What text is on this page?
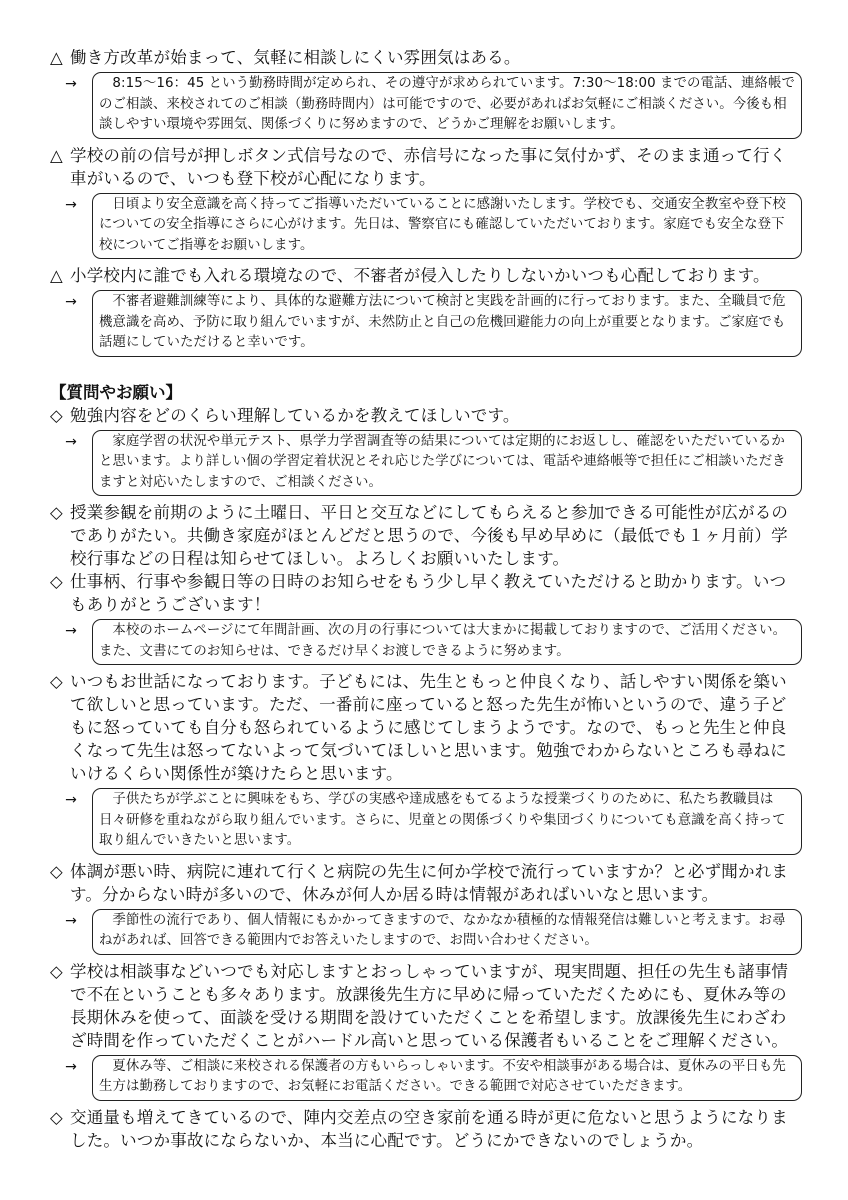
△ 働き方改革が始まって、気軽に相談しにくい雰囲気はある。

→	8:15～16：45 という勤務時間が定められ、その遵守が求められています。7:30～18:00 までの電話、連絡帳でのご相談、来校されてのご相談（勤務時間内）は可能ですので、必要があればお気軽にご相談ください。今後も相談しやすい環境や雰囲気、関係づくりに努めますので、どうかご理解をお願いします。

△ 学校の前の信号が押しボタン式信号なので、赤信号になった事に気付かず、そのまま通って行く車がいるので、いつも登下校が心配になります。

→	日頃より安全意識を高く持ってご指導いただいていることに感謝いたします。学校でも、交通安全教室や登下校についての安全指導にさらに心がけます。先日は、警察官にも確認していただいております。家庭でも安全な登下校についてご指導をお願いします。

△ 小学校内に誰でも入れる環境なので、不審者が侵入したりしないかいつも心配しております。

→	不審者避難訓練等により、具体的な避難方法について検討と実践を計画的に行っております。また、全職員で危機意識を高め、予防に取り組んでいますが、未然防止と自己の危機回避能力の向上が重要となります。ご家庭でも話題にしていただけると幸いです。
【質問やお願い】

◇ 勉強内容をどのくらい理解しているかを教えてほしいです。

→	家庭学習の状況や単元テスト、県学力学習調査等の結果については定期的にお返しし、確認をいただいているかと思います。より詳しい個の学習定着状況とそれ応じた学びについては、電話や連絡帳等で担任にご相談いただきますと対応いたしますので、ご相談ください。

◇ 授業参観を前期のように土曜日、平日と交互などにしてもらえると参加できる可能性が広がるのでありがたい。共働き家庭がほとんどだと思うので、今後も早め早めに（最低でも１ヶ月前）学校行事などの日程は知らせてほしい。よろしくお願いいたします。

◇ 仕事柄、行事や参観日等の日時のお知らせをもう少し早く教えていただけると助かります。いつもありがとうございます！

→	本校のホームページにて年間計画、次の月の行事については大まかに掲載しておりますので、ご活用ください。また、文書にてのお知らせは、できるだけ早くお渡しできるように努めます。

◇ いつもお世話になっております。子どもには、先生ともっと仲良くなり、話しやすい関係を築いて欲しいと思っています。ただ、一番前に座っていると怒った先生が怖いというので、違う子どもに怒っていても自分も怒られているように感じてしまうようです。なので、もっと先生と仲良くなって先生は怒ってないよって気づいてほしいと思います。勉強でわからないところも尋ねにいけるくらい関係性が築けたらと思います。

→	子供たちが学ぶことに興味をもち、学びの実感や達成感をもてるような授業づくりのために、私たち教職員は日々研修を重ねながら取り組んでいます。さらに、児童との関係づくりや集団づくりについても意識を高く持って取り組んでいきたいと思います。

◇ 体調が悪い時、病院に連れて行くと病院の先生に何か学校で流行っていますか？と必ず聞かれます。分からない時が多いので、休みが何人か居る時は情報があればいいなと思います。

→	季節性の流行であり、個人情報にもかかってきますので、なかなか積極的な情報発信は難しいと考えます。お尋ねがあれば、回答できる範囲内でお答えいたしますので、お問い合わせください。

◇ 学校は相談事などいつでも対応しますとおっしゃっていますが、現実問題、担任の先生も諸事情で不在ということも多々あります。放課後先生方に早めに帰っていただくためにも、夏休み等の長期休みを使って、面談を受ける期間を設けていただくことを希望します。放課後先生にわざわざ時間を作っていただくことがハードル高いと思っている保護者もいることをご理解ください。

→	夏休み等、ご相談に来校される保護者の方もいらっしゃいます。不安や相談事がある場合は、夏休みの平日も先生方は勤務しておりますので、お気軽にお電話ください。できる範囲で対応させていただきます。

◇ 交通量も増えてきているので、陣内交差点の空き家前を通る時が更に危ないと思うようになりました。いつか事故にならないか、本当に心配です。どうにかできないのでしょうか。
